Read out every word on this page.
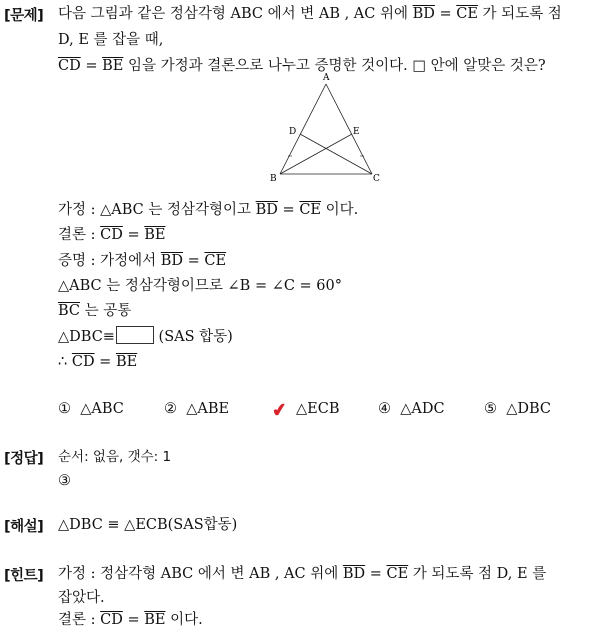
[문제] 다음 그림과 같은 정삼각형 ABC 에서 변 AB , AC 위에 $\overline{BD} = \overline{CE}$ 가 되도록 점
D, E 를 잡을 때,
$\overline{CD} = \overline{BE}$ 임을 가정과 결론으로 나누고 증명한 것이다. □ 안에 알맞은 것은?
A
D	E
B	C
가정 : △ABC 는 정삼각형이고 $\overline{BD} = \overline{CE}$ 이다.
결론 : $\overline{CD} = \overline{BE}$
증명 : 가정에서 $\overline{BD} = \overline{CE}$
△ABC 는 정삼각형이므로 ∠B = ∠C = 60°
$\overline{BC}$ 는 공통
△DBC≡	(SAS 합동)
∴ $\overline{CD} = \overline{BE}$
① △ABC	② △ABE ✔ △ECB	④ △ADC	⑤ △DBC
[정답] 순서: 없음, 갯수: 1
③
[해설] △DBC ≡ △ECB(SAS합동)
[힌트] 가정 : 정삼각형 ABC 에서 변 AB , AC 위에 $\overline{BD} = \overline{CE}$ 가 되도록 점 D, E 를
잡았다.
결론 : $\overline{CD} = \overline{BE}$ 이다.
